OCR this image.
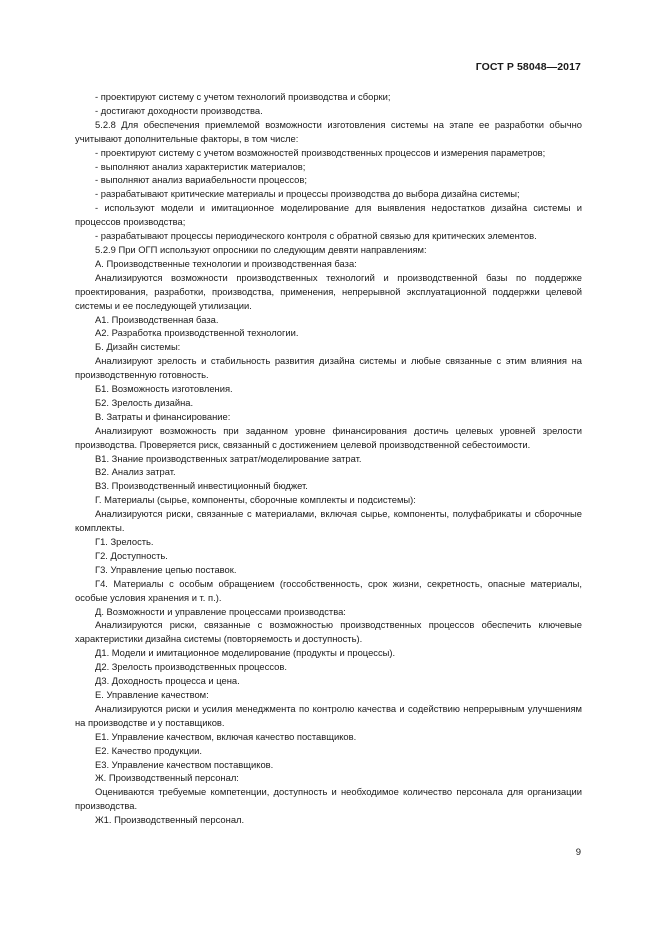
ГОСТ Р 58048—2017

- проектируют систему с учетом технологий производства и сборки;

- достигают доходности производства.

5.2.8 Для обеспечения приемлемой возможности изготовления системы на этапе ее разработки обычно учитывают дополнительные факторы, в том числе:

- проектируют систему с учетом возможностей производственных процессов и измерения параметров;

- выполняют анализ характеристик материалов;

- выполняют анализ вариабельности процессов;

- разрабатывают критические материалы и процессы производства до выбора дизайна системы;

- используют модели и имитационное моделирование для выявления недостатков дизайна системы и процессов производства;

- разрабатывают процессы периодического контроля с обратной связью для критических элементов.

5.2.9 При ОГП используют опросники по следующим девяти направлениям:

А. Производственные технологии и производственная база:

Анализируются возможности производственных технологий и производственной базы по поддержке проектирования, разработки, производства, применения, непрерывной эксплуатационной поддержки целевой системы и ее последующей утилизации.

А1. Производственная база.

А2. Разработка производственной технологии.

Б. Дизайн системы:

Анализируют зрелость и стабильность развития дизайна системы и любые связанные с этим влияния на производственную готовность.

Б1. Возможность изготовления.

Б2. Зрелость дизайна.

В. Затраты и финансирование:

Анализируют возможность при заданном уровне финансирования достичь целевых уровней зрелости производства. Проверяется риск, связанный с достижением целевой производственной себестоимости.

В1. Знание производственных затрат/моделирование затрат.

В2. Анализ затрат.

В3. Производственный инвестиционный бюджет.

Г. Материалы (сырье, компоненты, сборочные комплекты и подсистемы):

Анализируются риски, связанные с материалами, включая сырье, компоненты, полуфабрикаты и сборочные комплекты.

Г1. Зрелость.

Г2. Доступность.

Г3. Управление цепью поставок.

Г4. Материалы с особым обращением (госсобственность, срок жизни, секретность, опасные материалы, особые условия хранения и т. п.).

Д. Возможности и управление процессами производства:

Анализируются риски, связанные с возможностью производственных процессов обеспечить ключевые характеристики дизайна системы (повторяемость и доступность).

Д1. Модели и имитационное моделирование (продукты и процессы).

Д2. Зрелость производственных процессов.

Д3. Доходность процесса и цена.

Е. Управление качеством:

Анализируются риски и усилия менеджмента по контролю качества и содействию непрерывным улучшениям на производстве и у поставщиков.

Е1. Управление качеством, включая качество поставщиков.

Е2. Качество продукции.

Е3. Управление качеством поставщиков.

Ж. Производственный персонал:

Оцениваются требуемые компетенции, доступность и необходимое количество персонала для организации производства.

Ж1. Производственный персонал.

9
